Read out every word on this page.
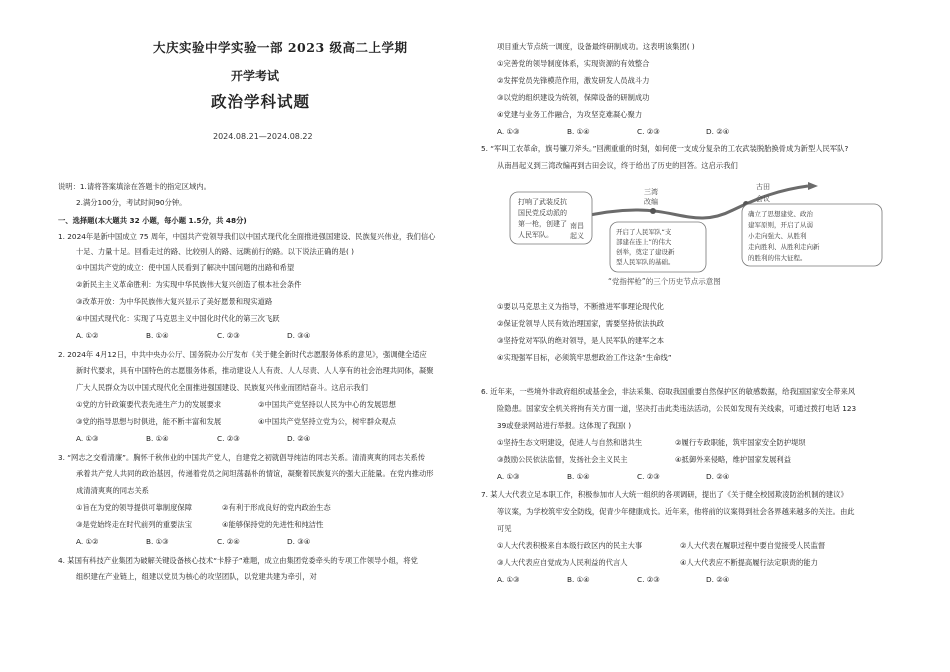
大庆实验中学实验一部 2023 级高二上学期
开学考试
政治学科试题
2024.08.21—2024.08.22
说明：1.请将答案填涂在答题卡的指定区域内。
2.满分100分，考试时间90分钟。
一、选择题(本大题共 32 小题，每小题 1.5分，共 48分)
1. 2024年是新中国成立 75 周年，中国共产党领导我们以中国式现代化全面推进强国建设、民族复兴伟业，我们信心
十足、力量十足。回看走过的路、比较别人的路、远眺前行的路。以下说法正确的是( )
①中国共产党的成立：使中国人民看到了解决中国问题的出路和希望
②新民主主义革命胜利：为实现中华民族伟大复兴创造了根本社会条件
③改革开放：为中华民族伟大复兴显示了美好愿景和现实道路
④中国式现代化：实现了马克思主义中国化时代化的第三次飞跃
A. ①②	B. ①④	C. ②③	D. ③④
2. 2024年 4月12日，中共中央办公厅、国务院办公厅发布《关于健全新时代志愿服务体系的意见》，强调健全适应
新时代要求，具有中国特色的志愿服务体系，推动建设人人有责、人人尽责、人人享有的社会治理共同体，凝聚
广大人民群众为以中国式现代化全面推进强国建设、民族复兴伟业而团结奋斗。这启示我们
①党的方针政策要代表先进生产力的发展要求	②中国共产党坚持以人民为中心的发展思想
③党的指导思想与时俱进，能不断丰富和发展	④中国共产党坚持立党为公，树牢群众观点
A. ①③	B. ①④	C. ②③	D. ②④
3. “网志之交看清廉”。胸怀千秋伟业的中国共产党人，自建党之初就倡导纯洁的同志关系。清清爽爽的同志关系传
承着共产党人共同的政治基因，传递着党员之间坦荡磊朴的情谊，凝聚着民族复兴的强大正能量。在党内推动形
成清清爽爽的同志关系
①旨在为党的领导提供可靠制度保障	②有利于形成良好的党内政治生态
③是党始终走在时代前列的重要法宝	④能够保持党的先进性和纯洁性
A. ①②	B. ①③	C. ②④	D. ③④
4. 某国有科技产业集团为破解关键设备核心技术“卡脖子”难题，成立由集团党委牵头的专项工作领导小组，将党
组织建在产业链上，组建以党员为核心的攻坚团队，以党建共建为牵引，对
项目重大节点统一调度，设备最终研制成功。这表明该集团( )
①完善党的领导制度体系，实现资源的有效整合
②发挥党员先锋模范作用，激发研发人员战斗力
③以党的组织建设为统领，保障设备的研制成功
④党建与业务工作融合，为攻坚克难凝心聚力
A. ①③	B. ①④	C. ②③	D. ②④
5. “军叫工农革命，旗号镰刀斧头。”回溯重重的时刻，如何使一支成分复杂的工农武装脱胎换骨成为新型人民军队?
从南昌起义到三湾改编再到古田会议，终于给出了历史的回答。这启示我们
打响了武装反抗
国民党反动派的
第一枪，创建了
人民军队。
南昌
起义
三湾
改编
古田
会议
开启了人民军队“支
部建在连上”的伟大
创举，奠定了建设新
型人民军队的基础。
确立了思想建党、政治
建军原则，开启了从弱
小走向强大、从胜利
走向胜利、从胜利走向新
的胜利的伟大征程。
“党指挥枪”的三个历史节点示意图
①要以马克思主义为指导，不断推进军事理论现代化
②保证党领导人民有效治理国家，需要坚持依法执政
③坚持党对军队的绝对领导，是人民军队的建军之本
④实现强军目标，必须筑牢思想政治工作这条“生命线”
6. 近年来，一些境外非政府组织或基金会，非法采集、窃取我国重要自然保护区的敏感数据，给我国国家安全带来风
险隐患。国家安全机关将拘有关方面一道，坚决打击此类违法活动，公民如发现有关线索，可通过拨打电话 123
39或登录网站进行举报。这体现了我国( )
①坚持生态文明建设，促进人与自然和谐共生	②履行专政职能，筑牢国家安全防护堤坝
③鼓励公民依法监督，发扬社会主义民主	④抵御外来侵略，维护国家发展利益
A. ①③	B. ①④	C. ②③	D. ②④
7. 某人大代表立足本职工作，积极参加市人大统一组织的各项调研，提出了《关于健全校园欺凌防治机制的建议》
等议案，为学校筑牢安全防线，促青少年健康成长。近年来，他将前的议案得到社会各界越来越多的关注。由此
可见
①人大代表积极来自本级行政区内的民主大事	②人大代表在履职过程中要自觉接受人民监督
③人大代表应自觉成为人民利益的代言人	④人大代表应不断提高履行法定职责的能力
A. ①③	B. ①④	C. ②③	D. ②④
